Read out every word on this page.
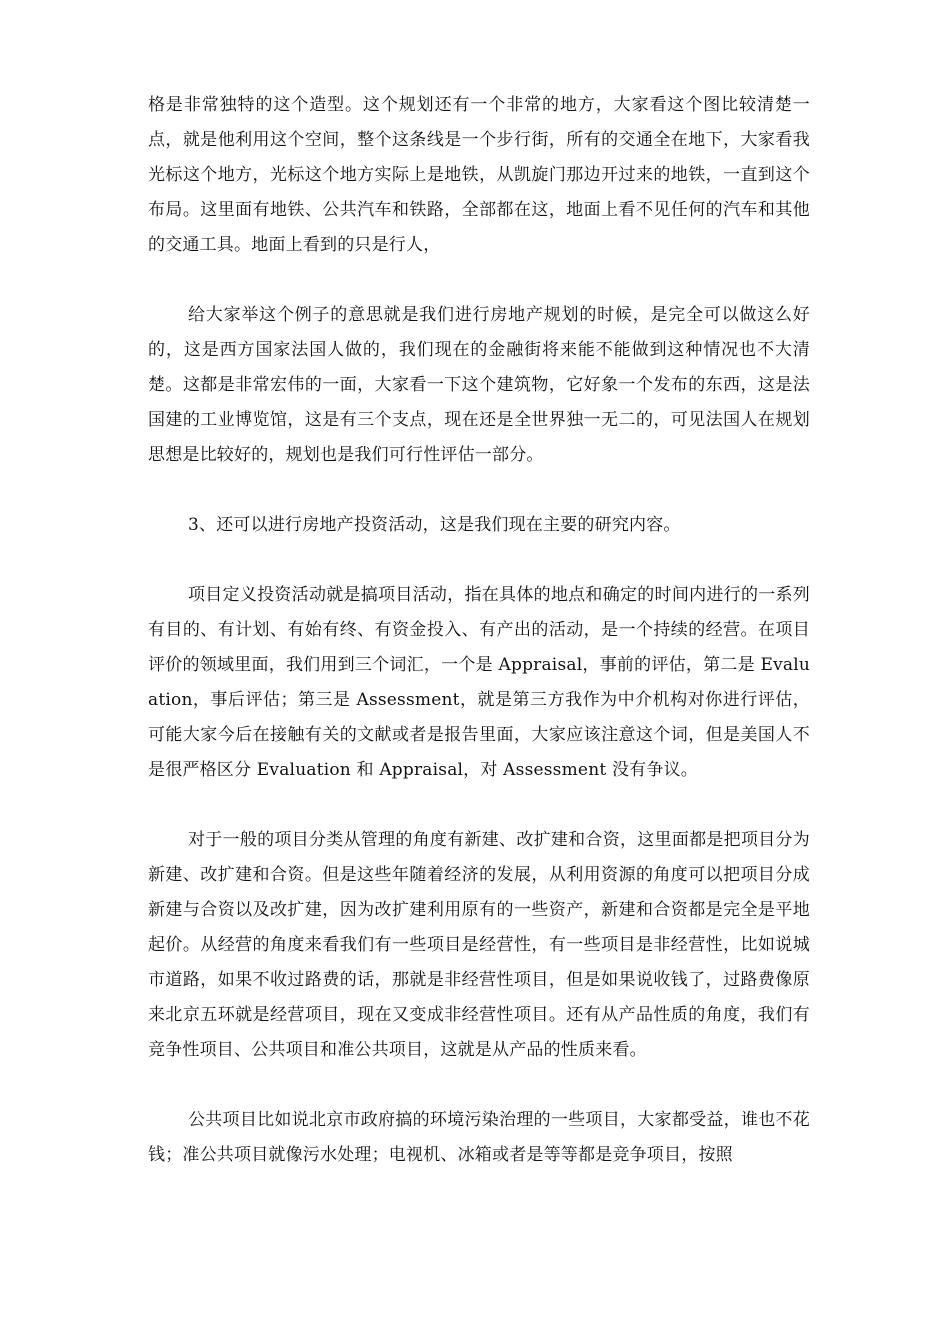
格是非常独特的这个造型。这个规划还有一个非常的地方，大家看这个图比较清楚一点，就是他利用这个空间，整个这条线是一个步行街，所有的交通全在地下，大家看我光标这个地方，光标这个地方实际上是地铁，从凯旋门那边开过来的地铁，一直到这个布局。这里面有地铁、公共汽车和铁路，全部都在这，地面上看不见任何的汽车和其他的交通工具。地面上看到的只是行人，

给大家举这个例子的意思就是我们进行房地产规划的时候，是完全可以做这么好的，这是西方国家法国人做的，我们现在的金融街将来能不能做到这种情况也不大清楚。这都是非常宏伟的一面，大家看一下这个建筑物，它好象一个发布的东西，这是法国建的工业博览馆，这是有三个支点，现在还是全世界独一无二的，可见法国人在规划思想是比较好的，规划也是我们可行性评估一部分。

3、还可以进行房地产投资活动，这是我们现在主要的研究内容。

项目定义投资活动就是搞项目活动，指在具体的地点和确定的时间内进行的一系列有目的、有计划、有始有终、有资金投入、有产出的活动，是一个持续的经营。在项目评价的领域里面，我们用到三个词汇，一个是 Appraisal，事前的评估，第二是 Evaluation，事后评估；第三是 Assessment，就是第三方我作为中介机构对你进行评估，可能大家今后在接触有关的文献或者是报告里面，大家应该注意这个词，但是美国人不是很严格区分 Evaluation 和 Appraisal，对 Assessment 没有争议。

对于一般的项目分类从管理的角度有新建、改扩建和合资，这里面都是把项目分为新建、改扩建和合资。但是这些年随着经济的发展，从利用资源的角度可以把项目分成新建与合资以及改扩建，因为改扩建利用原有的一些资产，新建和合资都是完全是平地起价。从经营的角度来看我们有一些项目是经营性，有一些项目是非经营性，比如说城市道路，如果不收过路费的话，那就是非经营性项目，但是如果说收钱了，过路费像原来北京五环就是经营项目，现在又变成非经营性项目。还有从产品性质的角度，我们有竞争性项目、公共项目和准公共项目，这就是从产品的性质来看。

公共项目比如说北京市政府搞的环境污染治理的一些项目，大家都受益，谁也不花钱；准公共项目就像污水处理；电视机、冰箱或者是等等都是竞争项目，按照
